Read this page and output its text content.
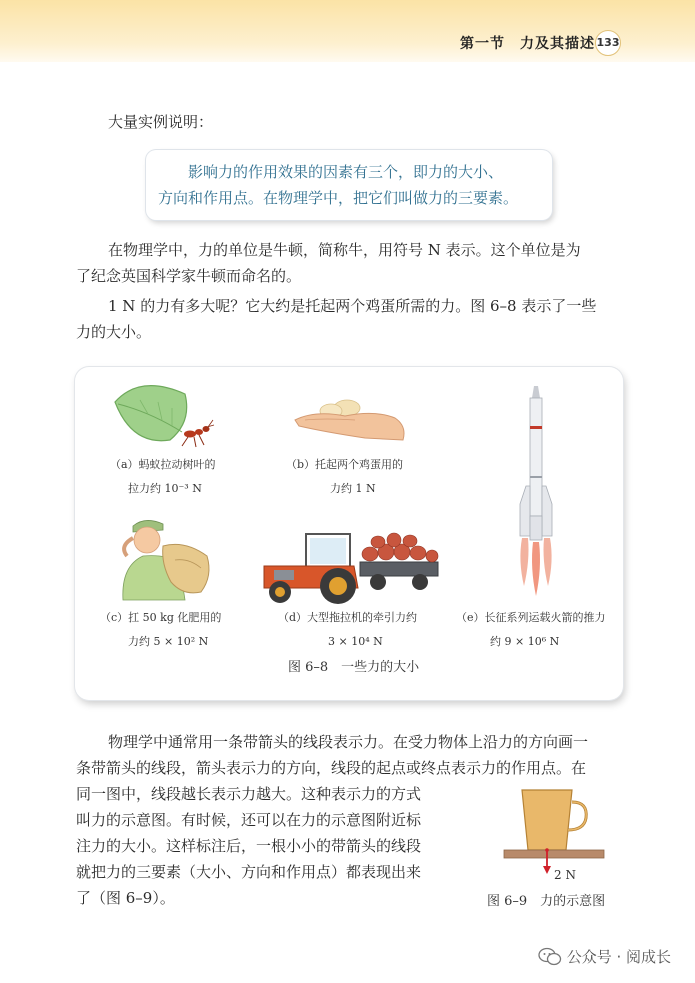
第一节　力及其描述 133
大量实例说明：
影响力的作用效果的因素有三个，即力的大小、
方向和作用点。在物理学中，把它们叫做力的三要素。
在物理学中，力的单位是牛顿，简称牛，用符号 N 表示。这个单位是为
了纪念英国科学家牛顿而命名的。
1 N 的力有多大呢？它大约是托起两个鸡蛋所需的力。图 6–8 表示了一些
力的大小。
（a）蚂蚁拉动树叶的
拉力约 10⁻³ N
（b）托起两个鸡蛋用的
力约 1 N
（c）扛 50 kg 化肥用的
力约 5 × 10² N
（d）大型拖拉机的牵引力约
3 × 10⁴ N
（e）长征系列运载火箭的推力
约 9 × 10⁶ N
图 6–8　一些力的大小
物理学中通常用一条带箭头的线段表示力。在受力物体上沿力的方向画一
条带箭头的线段，箭头表示力的方向，线段的起点或终点表示力的作用点。在
同一图中，线段越长表示力越大。这种表示力的方式
叫力的示意图。有时候，还可以在力的示意图附近标
注力的大小。这样标注后，一根小小的带箭头的线段
就把力的三要素（大小、方向和作用点）都表现出来
了（图 6–9）。
2 N
图 6–9　力的示意图
公众号 · 阅成长
